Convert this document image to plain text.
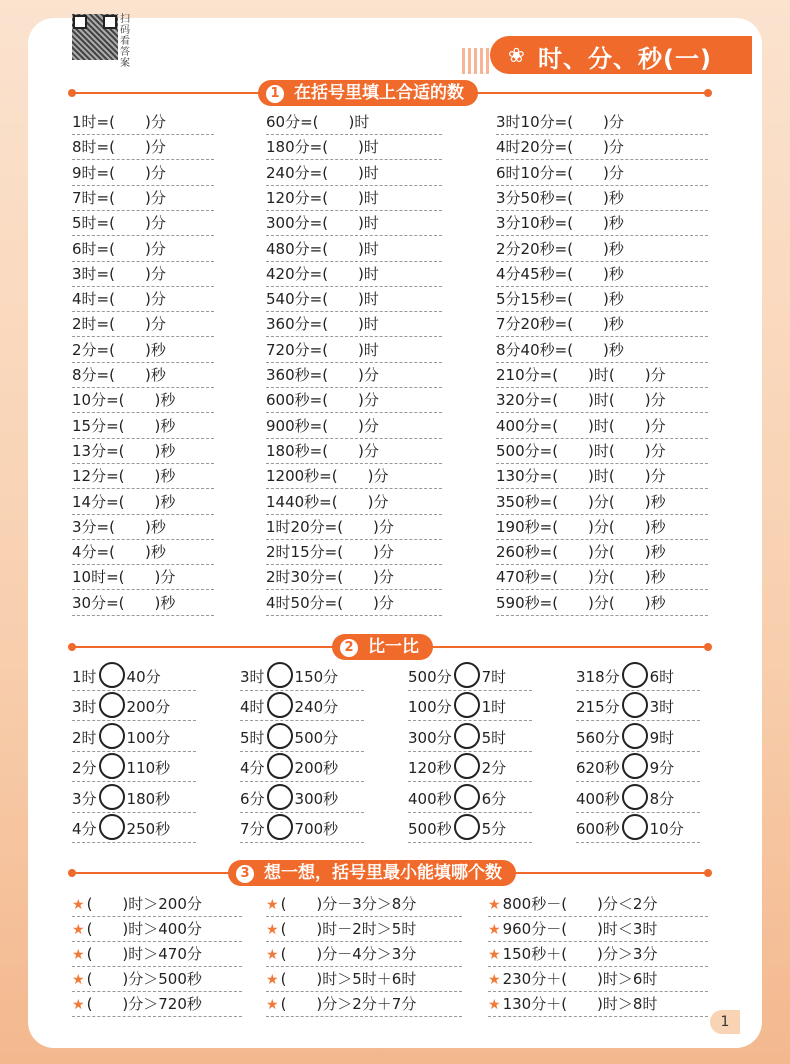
扫码看答案	❀ 时、分、秒(一)
1 在括号里填上合适的数
1时=(　　)分
8时=(　　)分
9时=(　　)分
7时=(　　)分
5时=(　　)分
6时=(　　)分
3时=(　　)分
4时=(　　)分
2时=(　　)分
2分=(　　)秒
8分=(　　)秒
10分=(　　)秒
15分=(　　)秒
13分=(　　)秒
12分=(　　)秒
14分=(　　)秒
3分=(　　)秒
4分=(　　)秒
10时=(　　)分
30分=(　　)秒
60分=(　　)时
180分=(　　)时
240分=(　　)时
120分=(　　)时
300分=(　　)时
480分=(　　)时
420分=(　　)时
540分=(　　)时
360分=(　　)时
720分=(　　)时
360秒=(　　)分
600秒=(　　)分
900秒=(　　)分
180秒=(　　)分
1200秒=(　　)分
1440秒=(　　)分
1时20分=(　　)分
2时15分=(　　)分
2时30分=(　　)分
4时50分=(　　)分
3时10分=(　　)分
4时20分=(　　)分
6时10分=(　　)分
3分50秒=(　　)秒
3分10秒=(　　)秒
2分20秒=(　　)秒
4分45秒=(　　)秒
5分15秒=(　　)秒
7分20秒=(　　)秒
8分40秒=(　　)秒
210分=(　　)时(　　)分
320分=(　　)时(　　)分
400分=(　　)时(　　)分
500分=(　　)时(　　)分
130分=(　　)时(　　)分
350秒=(　　)分(　　)秒
190秒=(　　)分(　　)秒
260秒=(　　)分(　　)秒
470秒=(　　)分(　　)秒
590秒=(　　)分(　　)秒
2 比一比
1时 40分
3时 200分
2时 100分
2分 110秒
3分 180秒
4分 250秒
3时 150分
4时 240分
5时 500分
4分 200秒
6分 300秒
7分 700秒
500分 7时
100分 1时
300分 5时
120秒 2分
400秒 6分
500秒 5分
318分 6时
215分 3时
560分 9时
620秒 9分
400秒 8分
600秒 10分
3 想一想，括号里最小能填哪个数
★ (　　)时＞200分
★ (　　)时＞400分
★ (　　)时＞470分
★ (　　)分＞500秒
★ (　　)分＞720秒
★ (　　)分－3分＞8分
★ (　　)时－2时＞5时
★ (　　)分－4分＞3分
★ (　　)时＞5时＋6时
★ (　　)分＞2分＋7分
★ 800秒－(　　)分＜2分
★ 960分－(　　)时＜3时
★ 150秒＋(　　)分＞3分
★ 230分＋(　　)时＞6时
★ 130分＋(　　)时＞8时
1
